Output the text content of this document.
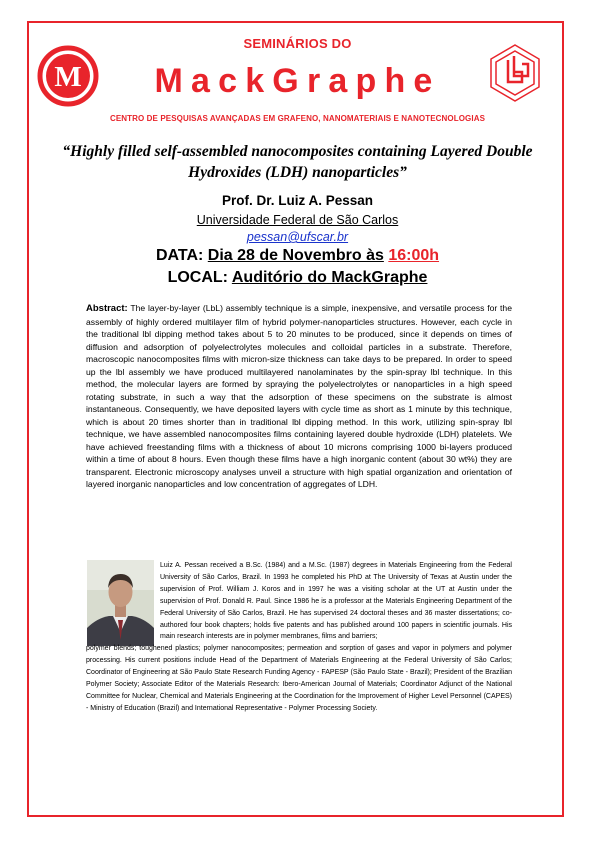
M
SEMINÁRIOS DO
MackGraphe
CENTRO DE PESQUISAS AVANÇADAS EM GRAFENO, NANOMATERIAIS E NANOTECNOLOGIAS
“Highly filled self-assembled nanocomposites containing Layered Double Hydroxides (LDH) nanoparticles”
Prof. Dr. Luiz A. Pessan
Universidade Federal de São Carlos
pessan@ufscar.br
DATA: Dia 28 de Novembro às 16:00h
LOCAL: Auditório do MackGraphe
Abstract: The layer-by-layer (LbL) assembly technique is a simple, inexpensive, and versatile process for the assembly of highly ordered multilayer film of hybrid polymer-nanoparticles structures. However, each cycle in the traditional lbl dipping method takes about 5 to 20 minutes to be produced, since it depends on times of diffusion and adsorption of polyelectrolytes molecules and colloidal particles in a substrate. Therefore, macroscopic nanocomposites films with micron-size thickness can take days to be prepared. In order to speed up the lbl assembly we have produced multilayered nanolaminates by the spin-spray lbl technique. In this method, the molecular layers are formed by spraying the polyelectrolytes or nanoparticles in a high speed rotating substrate, in such a way that the adsorption of these specimens on the substrate is almost instantaneous. Consequently, we have deposited layers with cycle time as short as 1 minute by this technique, which is about 20 times shorter than in traditional lbl dipping method. In this work, utilizing spin-spray lbl technique, we have assembled nanocomposites films containing layered double hydroxide (LDH) platelets. We have achieved freestanding films with a thickness of about 10 microns comprising 1000 bi-layers produced within a time of about 8 hours. Even though these films have a high inorganic content (about 30 wt%) they are transparent. Electronic microscopy analyses unveil a structure with high spatial organization and orientation of layered inorganic nanoparticles and low concentration of aggregates of LDH.
Luiz A. Pessan received a B.Sc. (1984) and a M.Sc. (1987) degrees in Materials Engineering from the Federal University of São Carlos, Brazil. In 1993 he completed his PhD at The University of Texas at Austin under the supervision of Prof. William J. Koros and in 1997 he was a visiting scholar at the UT at Austin under the supervision of Prof. Donald R. Paul. Since 1986 he is a professor at the Materials Engineering Department of the Federal University of São Carlos, Brazil. He has supervised 24 doctoral theses and 36 master dissertations; co-authored four book chapters; holds five patents and has published around 100 papers in scientific journals. His main research interests are in polymer membranes, films and barriers;
polymer blends; toughened plastics; polymer nanocomposites; permeation and sorption of gases and vapor in polymers and polymer processing. His current positions include Head of the Department of Materials Engineering at the Federal University of São Carlos; Coordinator of Engineering at São Paulo State Research Funding Agency - FAPESP (São Paulo State - Brazil); President of the Brazilian Polymer Society; Associate Editor of the Materials Research: Ibero-American Journal of Materials; Coordinator Adjunct of the National Committee for Nuclear, Chemical and Materials Engineering at the Coordination for the Improvement of Higher Level Personnel (CAPES) - Ministry of Education (Brazil) and International Representative - Polymer Processing Society.
